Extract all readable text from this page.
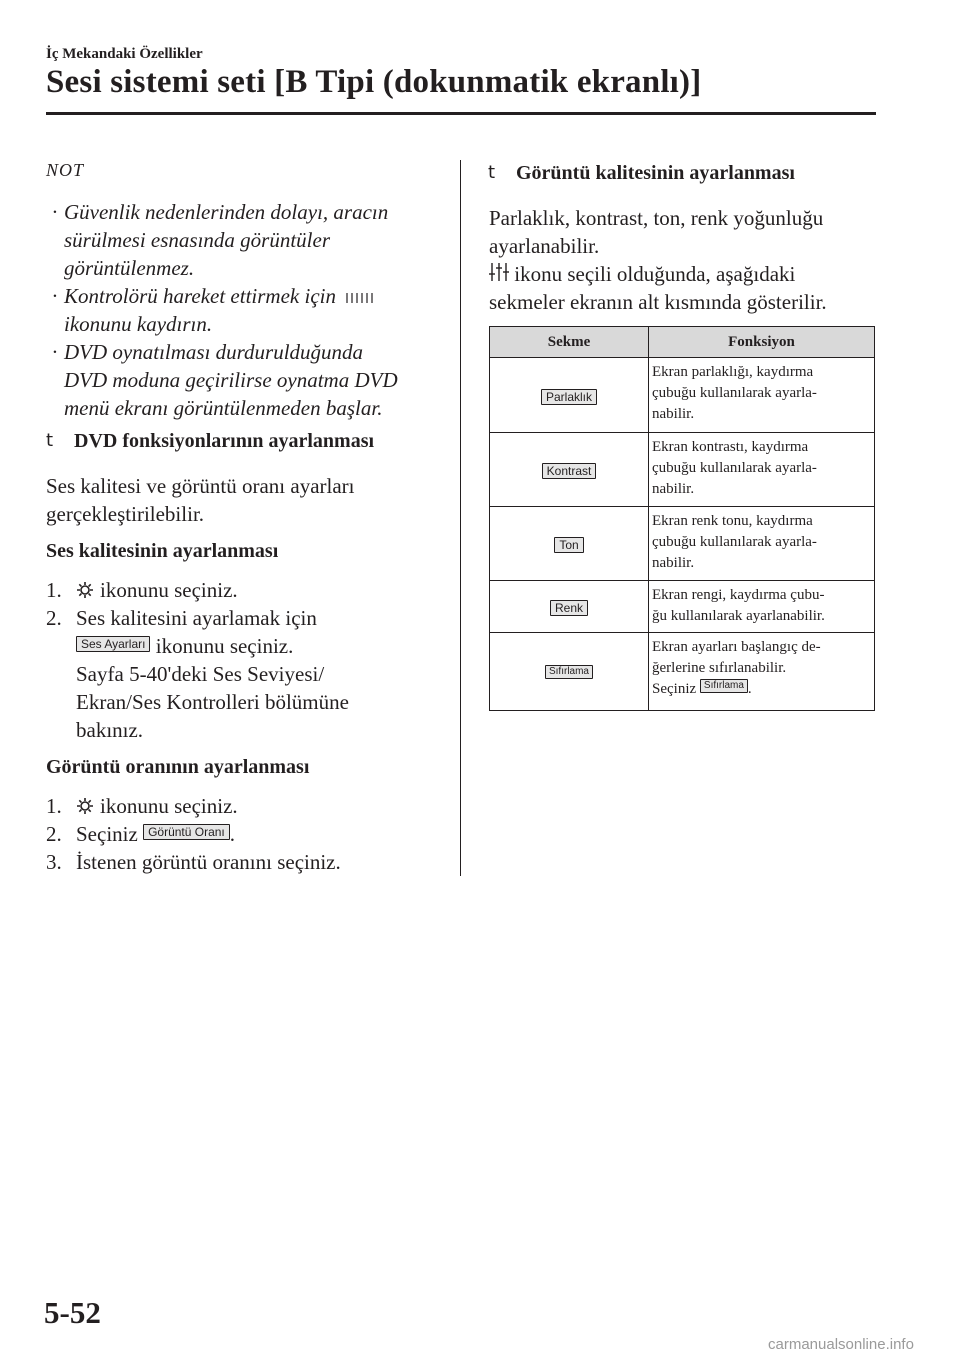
İç Mekandaki Özellikler
Sesi sistemi seti [B Tipi (dokunmatik ekranlı)]
NOT
· Güvenlik nedenlerinden dolayı, aracın
sürülmesi esnasında görüntüler
görüntülenmez.
· Kontrolörü hareket ettirmek için
ikonunu kaydırın.
· DVD oynatılması durdurulduğunda
DVD moduna geçirilirse oynatma DVD
menü ekranı görüntülenmeden başlar.
t DVD fonksiyonlarının ayarlanması
Ses kalitesi ve görüntü oranı ayarları
gerçekleştirilebilir.
Ses kalitesinin ayarlanması
1. ikonunu seçiniz.
2. Ses kalitesini ayarlamak için
Ses Ayarları ikonunu seçiniz.
Sayfa 5-40'deki Ses Seviyesi/
Ekran/Ses Kontrolleri bölümüne
bakınız.
Görüntü oranının ayarlanması
1. ikonunu seçiniz.
2. Seçiniz Görüntü Oranı .
3. İstenen görüntü oranını seçiniz.
t Görüntü kalitesinin ayarlanması
Parlaklık, kontrast, ton, renk yoğunluğu
ayarlanabilir.
ikonu seçili olduğunda, aşağıdaki
sekmeler ekranın alt kısmında gösterilir.
Sekme	Fonksiyon
Parlaklık	Ekran parlaklığı, kaydırma
çubuğu kullanılarak ayarla-
nabilir.

Kontrast	Ekran kontrastı, kaydırma
çubuğu kullanılarak ayarla-
nabilir.

Ton	Ekran renk tonu, kaydırma
çubuğu kullanılarak ayarla-
nabilir.

Renk	Ekran rengi, kaydırma çubu-
ğu kullanılarak ayarlanabilir.

Sıfırlama	Ekran ayarları başlangıç de-
ğerlerine sıfırlanabilir.
Seçiniz Sıfırlama .
5-52
carmanualsonline.info
